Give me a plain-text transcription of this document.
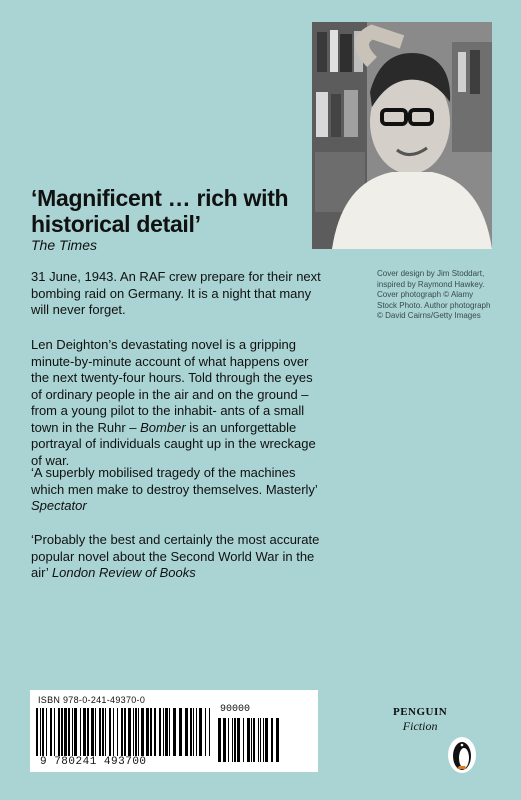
‘Magnificent … rich with historical detail’
The Times
Cover design by Jim Stoddart, inspired by Raymond Hawkey. Cover photograph © Alamy Stock Photo. Author photograph © David Cairns/Getty Images

31 June, 1943. An RAF crew prepare for their next bombing raid on Germany. It is a night that many will never forget.

Len Deighton’s devastating novel is a gripping minute-by-minute account of what happens over the next twenty-four hours. Told through the eyes of ordinary people in the air and on the ground – from a young pilot to the inhabit- ants of a small town in the Ruhr – Bomber is an unforgettable portrayal of individuals caught up in the wreckage of war.

‘A superbly mobilised tragedy of the machines which men make to destroy themselves. Masterly’ Spectator

‘Probably the best and certainly the most accurate popular novel about the Second World War in the air’ London Review of Books

ISBN 978-0-241-49370-0
9 780241 493700
90000	PENGUIN
Fiction
